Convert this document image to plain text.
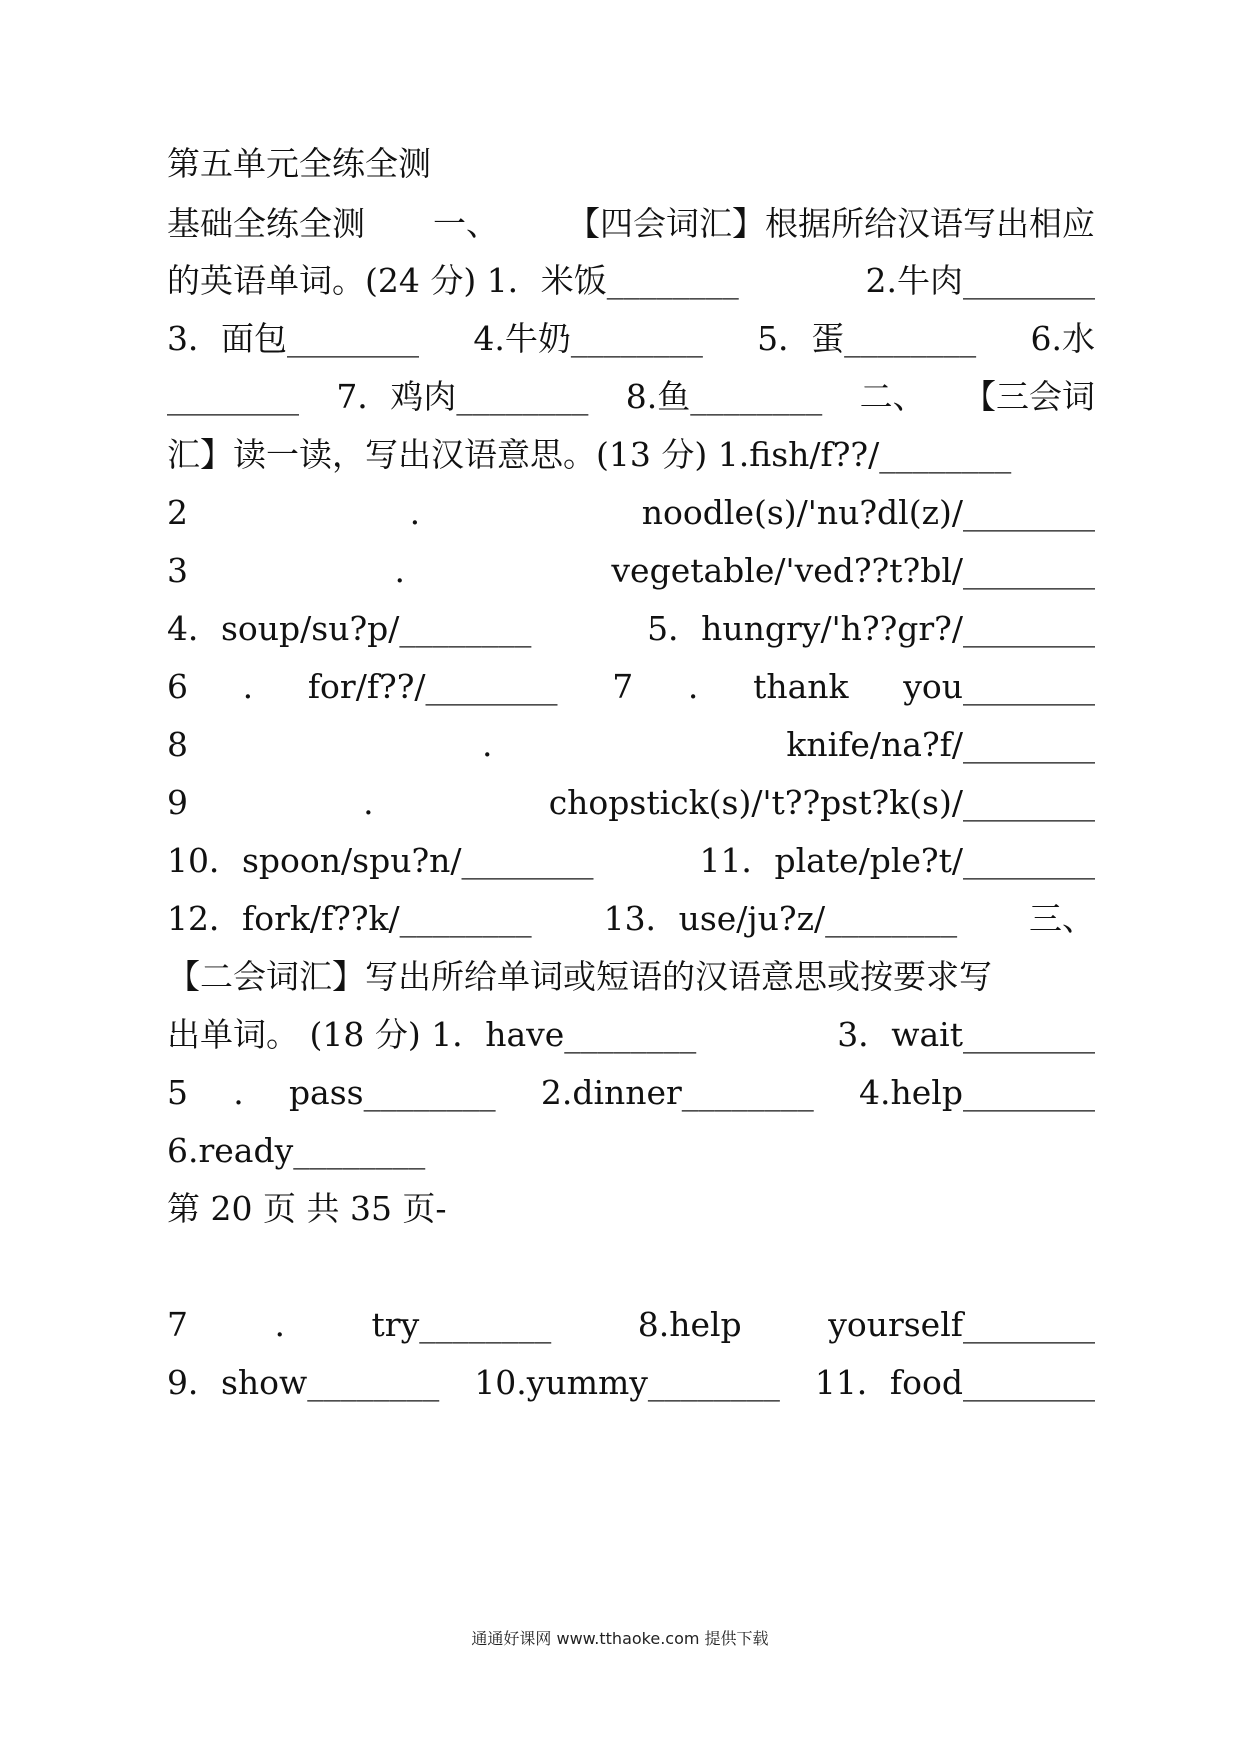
第五单元全练全测
基础全练全测 一、 【四会词汇】根据所给汉语写出相应
的英语单词。(24 分) 1．米饭________	2.牛肉________
3．面包________ 4.牛奶________ 5．蛋________ 6.水
________ 7．鸡肉________ 8.鱼________ 二、 【三会词
汇】读一读，写出汉语意思。(13 分) 1.fish/f??/________
2	.	noodle(s)/'nu?dl(z)/________
3	.	vegetable/'ved??t?bl/________
4．soup/su?p/________	5．hungry/'h??gr?/________
6 . for/f??/________ 7 . thank you________
8	.	knife/na?f/________
9	.	chopstick(s)/'t??pst?k(s)/________
10．spoon/spu?n/________	11．plate/ple?t/________
12．fork/f??k/________ 13．use/ju?z/________ 三、
【二会词汇】写出所给单词或短语的汉语意思或按要求写
出单词。 (18 分) 1．have________	3．wait________
5 . pass________ 2.dinner________ 4.help________
6.ready________
第 20 页 共 35 页-
7	.	try________	8.help	yourself________
9．show________ 10.yummy________ 11．food________
通通好课网 www.tthaoke.com 提供下载
